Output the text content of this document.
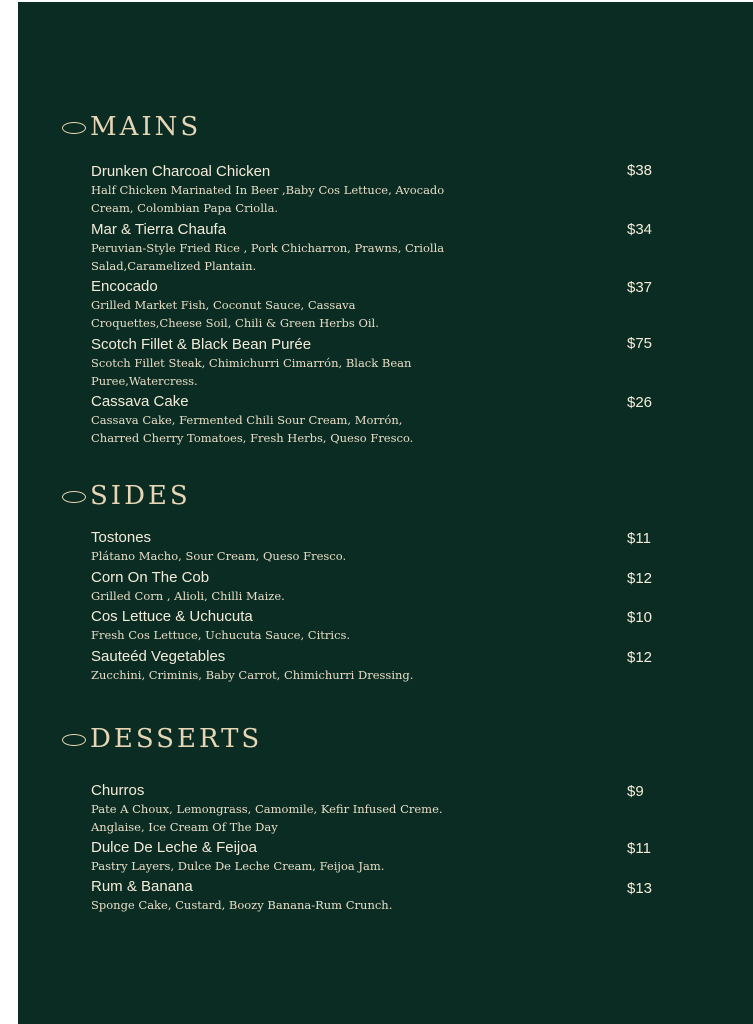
MAINS
Drunken Charcoal Chicken
Half Chicken Marinated In Beer ,Baby Cos Lettuce, Avocado
Cream, Colombian Papa Criolla.
$38
Mar & Tierra Chaufa
Peruvian-Style Fried Rice , Pork Chicharron, Prawns, Criolla
Salad,Caramelized Plantain.
$34
Encocado
Grilled Market Fish, Coconut Sauce, Cassava
Croquettes,Cheese Soil, Chili & Green Herbs Oil.
$37
Scotch Fillet & Black Bean Purée
Scotch Fillet Steak, Chimichurri Cimarrón, Black Bean
Puree,Watercress.
$75
Cassava Cake
Cassava Cake, Fermented Chili Sour Cream, Morrón,
Charred Cherry Tomatoes, Fresh Herbs, Queso Fresco.
$26
SIDES
Tostones
Plátano Macho, Sour Cream, Queso Fresco.
$11
Corn On The Cob
Grilled Corn , Alioli, Chilli Maize.
$12
Cos Lettuce & Uchucuta
Fresh Cos Lettuce, Uchucuta Sauce, Citrics.
$10
Sauteéd Vegetables
Zucchini, Criminis, Baby Carrot, Chimichurri Dressing.
$12
DESSERTS
Churros
Pate A Choux, Lemongrass, Camomile, Kefir Infused Creme.
Anglaise, Ice Cream Of The Day
$9
Dulce De Leche & Feijoa
Pastry Layers, Dulce De Leche Cream, Feijoa Jam.
$11
Rum & Banana
Sponge Cake, Custard, Boozy Banana-Rum Crunch.
$13
